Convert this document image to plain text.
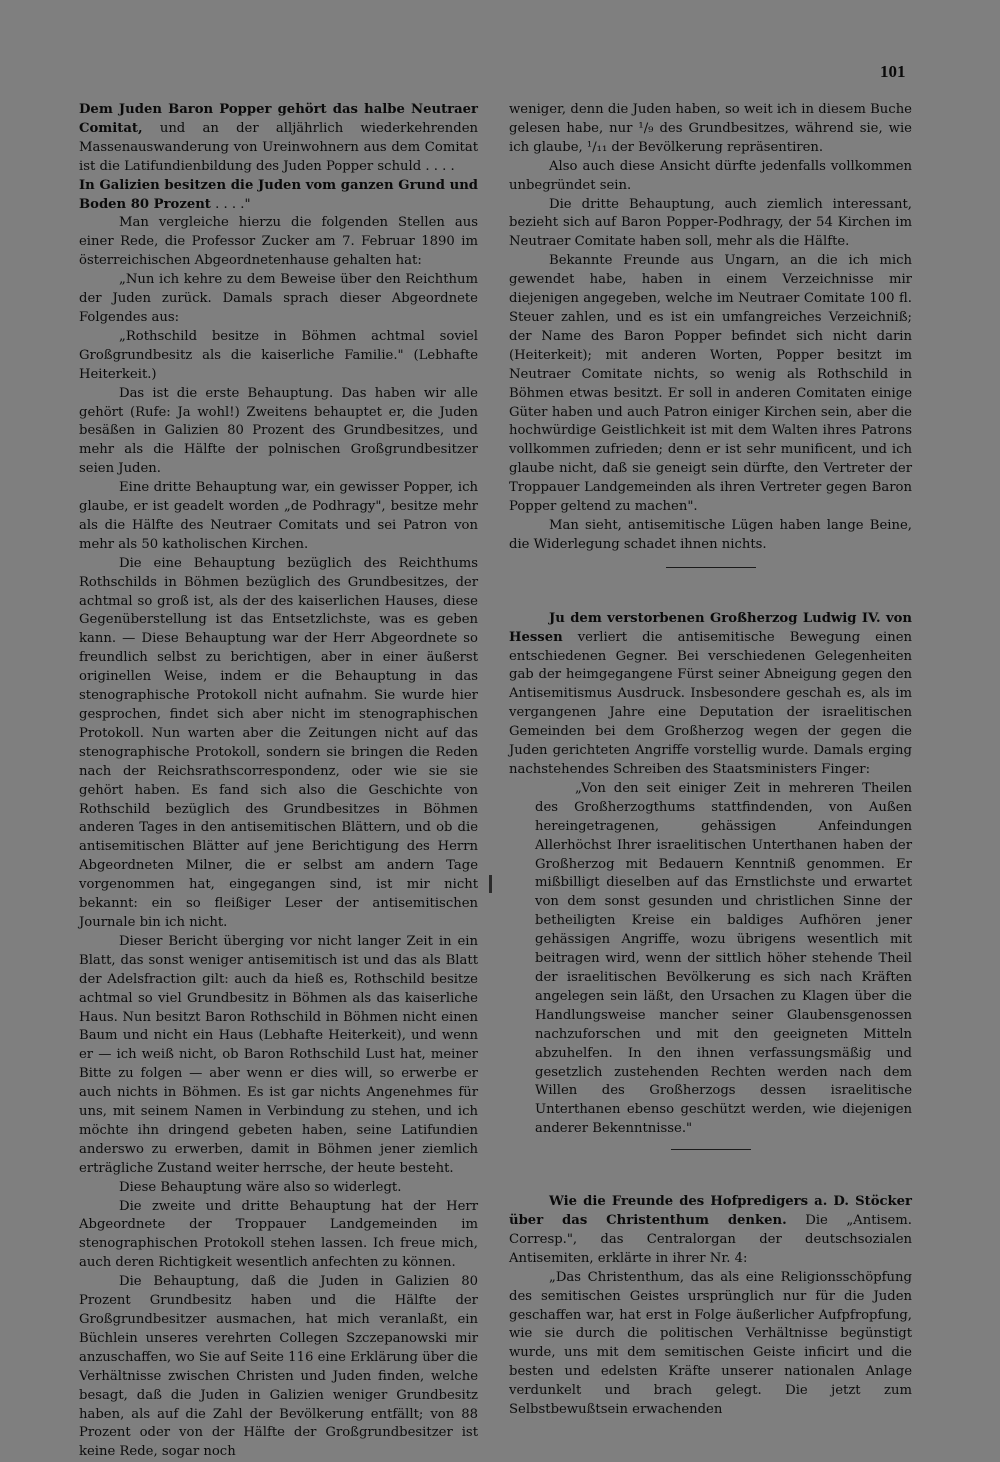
101

Dem Juden Baron Popper gehört das halbe Neutraer Comitat, und an der alljährlich wiederkehrenden Massenauswanderung von Ureinwohnern aus dem Comitat ist die Latifundienbildung des Juden Popper schuld . . . .

In Galizien besitzen die Juden vom ganzen Grund und Boden 80 Prozent . . . ."

Man vergleiche hierzu die folgenden Stellen aus einer Rede, die Professor Zucker am 7. Februar 1890 im österreichischen Abgeordnetenhause gehalten hat:

„Nun ich kehre zu dem Beweise über den Reichthum der Juden zurück. Damals sprach dieser Abgeordnete Folgendes aus:

„Rothschild besitze in Böhmen achtmal soviel Großgrundbesitz als die kaiserliche Familie." (Lebhafte Heiterkeit.)

Das ist die erste Behauptung. Das haben wir alle gehört (Rufe: Ja wohl!) Zweitens behauptet er, die Juden besäßen in Galizien 80 Prozent des Grundbesitzes, und mehr als die Hälfte der polnischen Großgrundbesitzer seien Juden.

Eine dritte Behauptung war, ein gewisser Popper, ich glaube, er ist geadelt worden „de Podhragy", besitze mehr als die Hälfte des Neutraer Comitats und sei Patron von mehr als 50 katholischen Kirchen.

Die eine Behauptung bezüglich des Reichthums Rothschilds in Böhmen bezüglich des Grundbesitzes, der achtmal so groß ist, als der des kaiserlichen Hauses, diese Gegenüberstellung ist das Entsetzlichste, was es geben kann. — Diese Behauptung war der Herr Abgeordnete so freundlich selbst zu berichtigen, aber in einer äußerst originellen Weise, indem er die Behauptung in das stenographische Protokoll nicht aufnahm. Sie wurde hier gesprochen, findet sich aber nicht im stenographischen Protokoll. Nun warten aber die Zeitungen nicht auf das stenographische Protokoll, sondern sie bringen die Reden nach der Reichsrathscorrespondenz, oder wie sie sie gehört haben. Es fand sich also die Geschichte von Rothschild bezüglich des Grundbesitzes in Böhmen anderen Tages in den antisemitischen Blättern, und ob die antisemitischen Blätter auf jene Berichtigung des Herrn Abgeordneten Milner, die er selbst am andern Tage vorgenommen hat, eingegangen sind, ist mir nicht bekannt: ein so fleißiger Leser der antisemitischen Journale bin ich nicht.

Dieser Bericht überging vor nicht langer Zeit in ein Blatt, das sonst weniger antisemitisch ist und das als Blatt der Adelsfraction gilt: auch da hieß es, Rothschild besitze achtmal so viel Grundbesitz in Böhmen als das kaiserliche Haus. Nun besitzt Baron Rothschild in Böhmen nicht einen Baum und nicht ein Haus (Lebhafte Heiterkeit), und wenn er — ich weiß nicht, ob Baron Rothschild Lust hat, meiner Bitte zu folgen — aber wenn er dies will, so erwerbe er auch nichts in Böhmen. Es ist gar nichts Angenehmes für uns, mit seinem Namen in Verbindung zu stehen, und ich möchte ihn dringend gebeten haben, seine Latifundien anderswo zu erwerben, damit in Böhmen jener ziemlich erträgliche Zustand weiter herrsche, der heute besteht.

Diese Behauptung wäre also so widerlegt.

Die zweite und dritte Behauptung hat der Herr Abgeordnete der Troppauer Landgemeinden im stenographischen Protokoll stehen lassen. Ich freue mich, auch deren Richtigkeit wesentlich anfechten zu können.

Die Behauptung, daß die Juden in Galizien 80 Prozent Grundbesitz haben und die Hälfte der Großgrundbesitzer ausmachen, hat mich veranlaßt, ein Büchlein unseres verehrten Collegen Szczepanowski mir anzuschaffen, wo Sie auf Seite 116 eine Erklärung über die Verhältnisse zwischen Christen und Juden finden, welche besagt, daß die Juden in Galizien weniger Grundbesitz haben, als auf die Zahl der Bevölkerung entfällt; von 88 Prozent oder von der Hälfte der Großgrundbesitzer ist keine Rede, sogar noch

weniger, denn die Juden haben, so weit ich in diesem Buche gelesen habe, nur ¹/₉ des Grundbesitzes, während sie, wie ich glaube, ¹/₁₁ der Bevölkerung repräsentiren.

Also auch diese Ansicht dürfte jedenfalls vollkommen unbegründet sein.

Die dritte Behauptung, auch ziemlich interessant, bezieht sich auf Baron Popper-Podhragy, der 54 Kirchen im Neutraer Comitate haben soll, mehr als die Hälfte.

Bekannte Freunde aus Ungarn, an die ich mich gewendet habe, haben in einem Verzeichnisse mir diejenigen angegeben, welche im Neutraer Comitate 100 fl. Steuer zahlen, und es ist ein umfangreiches Verzeichniß; der Name des Baron Popper befindet sich nicht darin (Heiterkeit); mit anderen Worten, Popper besitzt im Neutraer Comitate nichts, so wenig als Rothschild in Böhmen etwas besitzt. Er soll in anderen Comitaten einige Güter haben und auch Patron einiger Kirchen sein, aber die hochwürdige Geistlichkeit ist mit dem Walten ihres Patrons vollkommen zufrieden; denn er ist sehr munificent, und ich glaube nicht, daß sie geneigt sein dürfte, den Vertreter der Troppauer Landgemeinden als ihren Vertreter gegen Baron Popper geltend zu machen".

Man sieht, antisemitische Lügen haben lange Beine, die Widerlegung schadet ihnen nichts.

Ju dem verstorbenen Großherzog Ludwig IV. von Hessen verliert die antisemitische Bewegung einen entschiedenen Gegner. Bei verschiedenen Gelegenheiten gab der heimgegangene Fürst seiner Abneigung gegen den Antisemitismus Ausdruck. Insbesondere geschah es, als im vergangenen Jahre eine Deputation der israelitischen Gemeinden bei dem Großherzog wegen der gegen die Juden gerichteten Angriffe vorstellig wurde. Damals erging nachstehendes Schreiben des Staatsministers Finger:

„Von den seit einiger Zeit in mehreren Theilen des Großherzogthums stattfindenden, von Außen hereingetragenen, gehässigen Anfeindungen Allerhöchst Ihrer israelitischen Unterthanen haben der Großherzog mit Bedauern Kenntniß genommen. Er mißbilligt dieselben auf das Ernstlichste und erwartet von dem sonst gesunden und christlichen Sinne der betheiligten Kreise ein baldiges Aufhören jener gehässigen Angriffe, wozu übrigens wesentlich mit beitragen wird, wenn der sittlich höher stehende Theil der israelitischen Bevölkerung es sich nach Kräften angelegen sein läßt, den Ursachen zu Klagen über die Handlungsweise mancher seiner Glaubensgenossen nachzuforschen und mit den geeigneten Mitteln abzuhelfen. In den ihnen verfassungsmäßig und gesetzlich zustehenden Rechten werden nach dem Willen des Großherzogs dessen israelitische Unterthanen ebenso geschützt werden, wie diejenigen anderer Bekenntnisse."

Wie die Freunde des Hofpredigers a. D. Stöcker über das Christenthum denken. Die „Antisem. Corresp.", das Centralorgan der deutschsozialen Antisemiten, erklärte in ihrer Nr. 4:

„Das Christenthum, das als eine Religionsschöpfung des semitischen Geistes ursprünglich nur für die Juden geschaffen war, hat erst in Folge äußerlicher Aufpfropfung, wie sie durch die politischen Verhältnisse begünstigt wurde, uns mit dem semitischen Geiste inficirt und die besten und edelsten Kräfte unserer nationalen Anlage verdunkelt und brach gelegt. Die jetzt zum Selbstbewußtsein erwachenden
